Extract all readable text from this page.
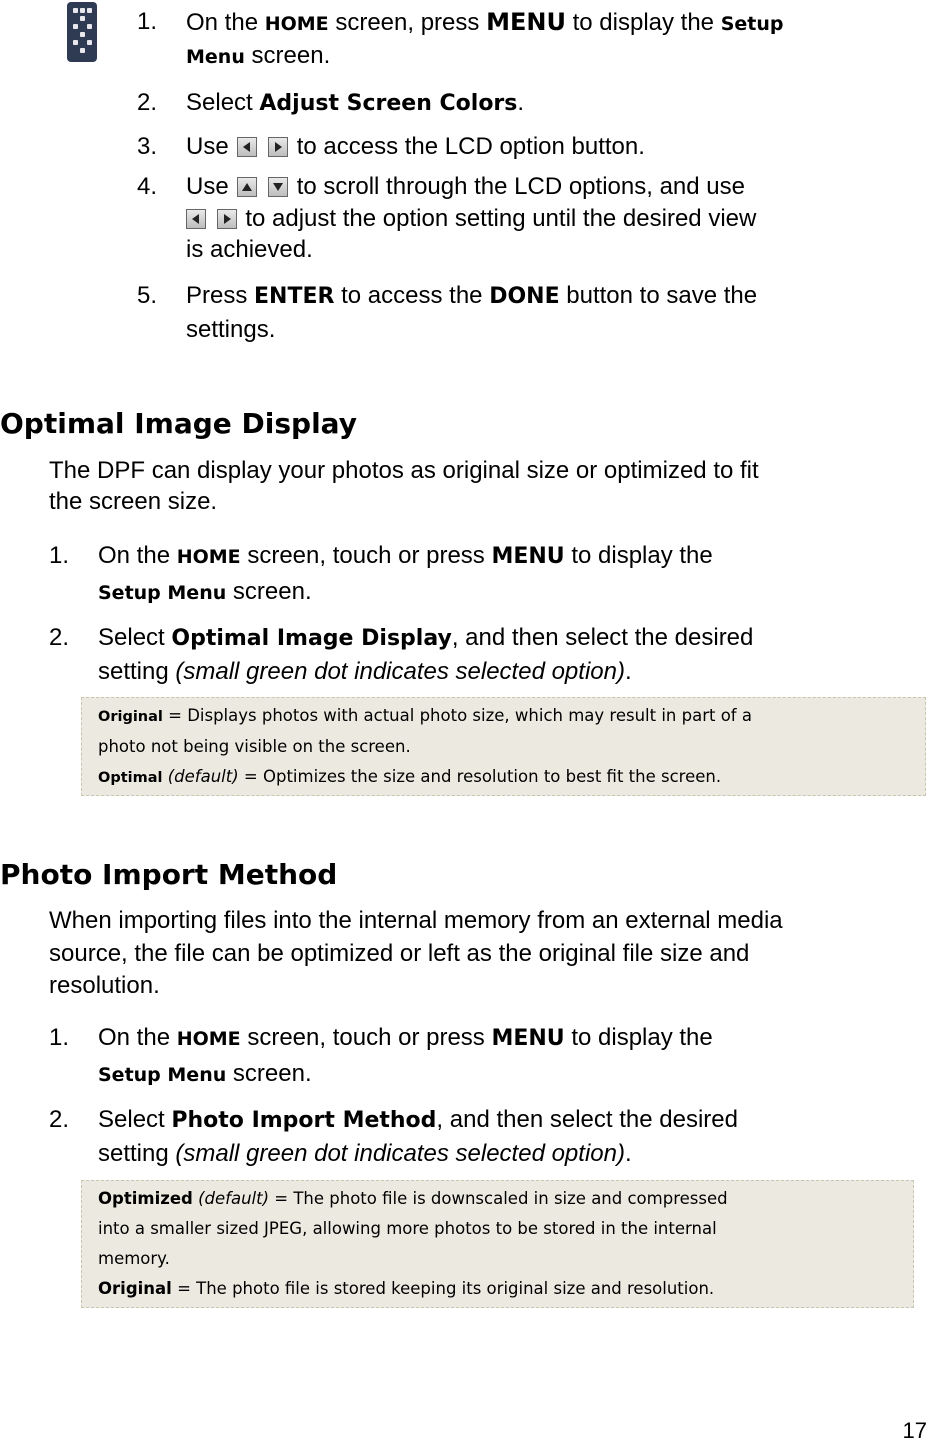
1. On the HOME screen, press MENU to display the Setup
Menu screen.
2. Select Adjust Screen Colors.
3. Use
	to access the LCD option button.
4. Use
	to scroll through the LCD options, and use

to adjust the option setting until the desired view
is achieved.
5. Press ENTER to access the DONE button to save the
settings.
Optimal Image Display
The DPF can display your photos as original size or optimized to fit
the screen size.
1. On the HOME screen, touch or press MENU to display the
Setup Menu screen.
2. Select Optimal Image Display, and then select the desired
setting (small green dot indicates selected option).
Original = Displays photos with actual photo size, which may result in part of a
photo not being visible on the screen.
Optimal (default) = Optimizes the size and resolution to best fit the screen.
Photo Import Method
When importing files into the internal memory from an external media
source, the file can be optimized or left as the original file size and
resolution.
1. On the HOME screen, touch or press MENU to display the
Setup Menu screen.
2. Select Photo Import Method, and then select the desired
setting (small green dot indicates selected option).
Optimized (default) = The photo file is downscaled in size and compressed
into a smaller sized JPEG, allowing more photos to be stored in the internal
memory.
Original = The photo file is stored keeping its original size and resolution.
17
